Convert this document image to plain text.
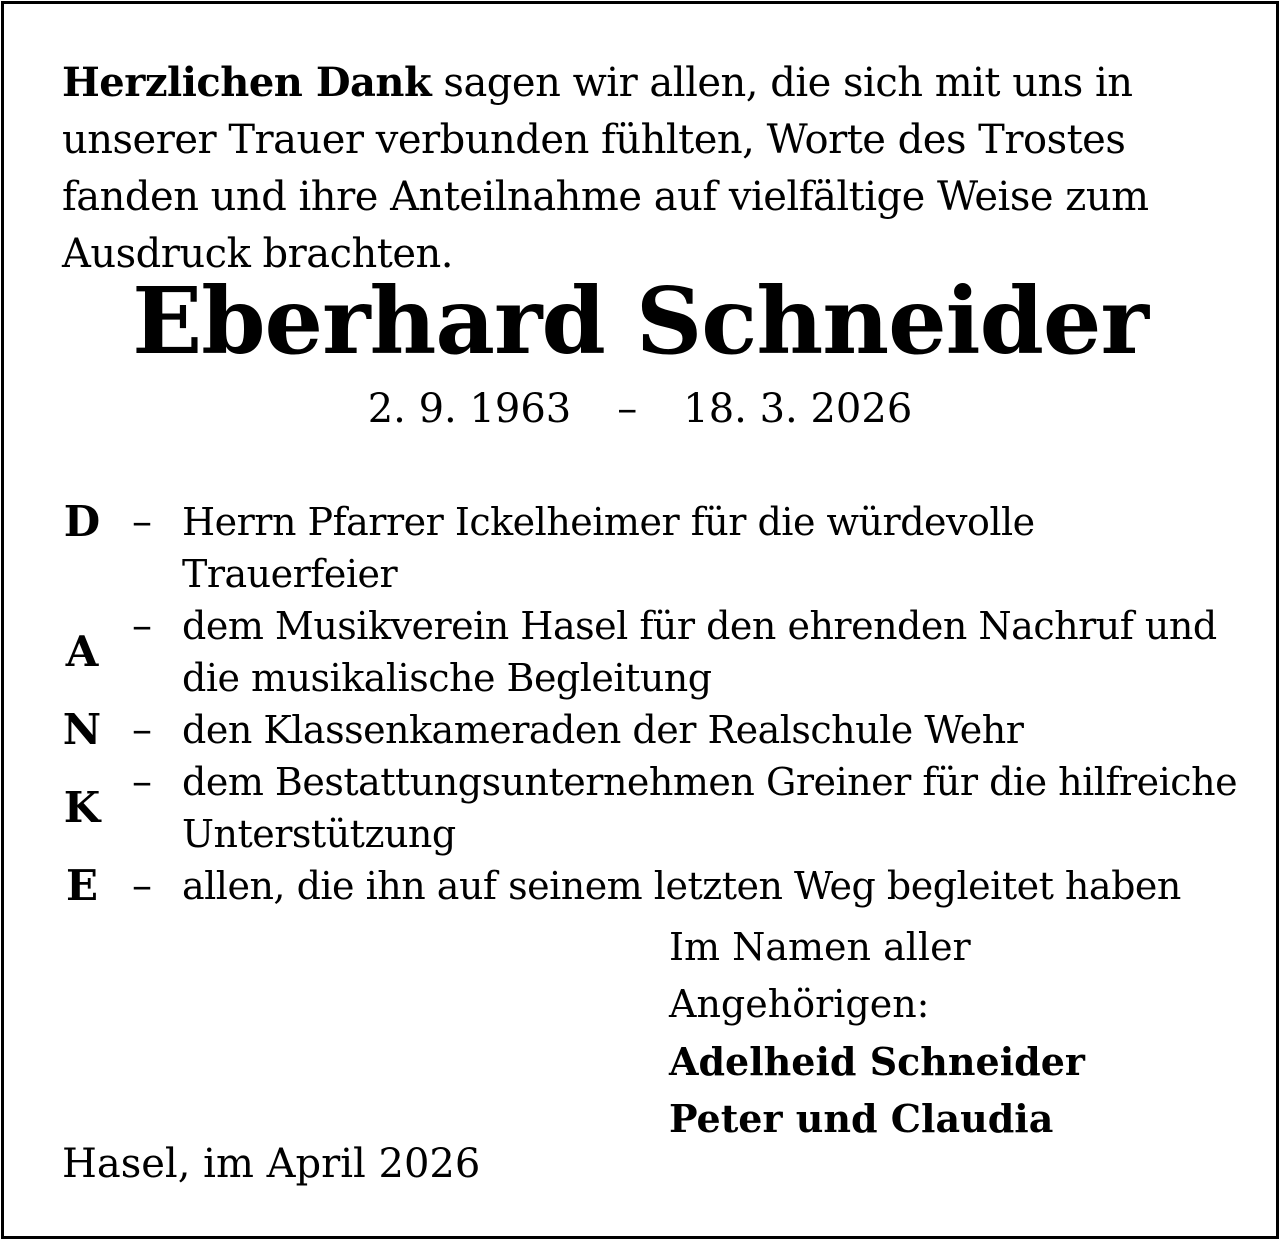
Herzlichen Dank sagen wir allen, die sich mit uns in unserer Trauer verbunden fühlten, Worte des Trostes fanden und ihre Anteilnahme auf vielfältige Weise zum Ausdruck brachten.
Eberhard Schneider
2. 9. 1963 – 18. 3. 2026
D – Herrn Pfarrer Ickelheimer für die würdevolle Trauerfeier
A
– dem Musikverein Hasel für den ehrenden Nachruf und die musikalische Begleitung
N – den Klassenkameraden der Realschule Wehr
K
– dem Bestattungsunternehmen Greiner für die hilfreiche Unterstützung
E – allen, die ihn auf seinem letzten Weg begleitet haben
Im Namen aller Angehörigen:
Adelheid Schneider
Peter und Claudia
Hasel, im April 2026
